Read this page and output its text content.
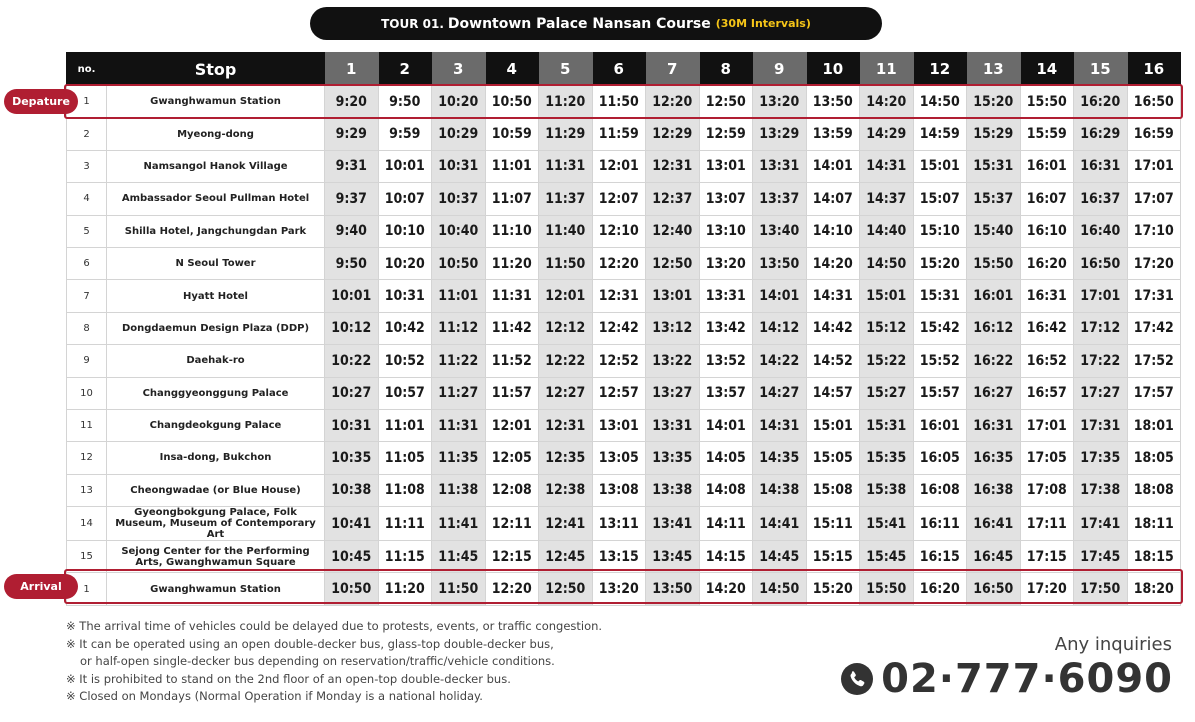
TOUR 01. Downtown Palace Nansan Course (30M Intervals)
no.	Stop	1	2	3	4	5	6	7	8	9	10	11	12	13	14	15	16
1	Gwanghwamun Station	9:20	9:50	10:20	10:50	11:20	11:50	12:20	12:50	13:20	13:50	14:20	14:50	15:20	15:50	16:20	16:50
2	Myeong-dong	9:29	9:59	10:29	10:59	11:29	11:59	12:29	12:59	13:29	13:59	14:29	14:59	15:29	15:59	16:29	16:59
3	Namsangol Hanok Village	9:31	10:01	10:31	11:01	11:31	12:01	12:31	13:01	13:31	14:01	14:31	15:01	15:31	16:01	16:31	17:01
4	Ambassador Seoul Pullman Hotel	9:37	10:07	10:37	11:07	11:37	12:07	12:37	13:07	13:37	14:07	14:37	15:07	15:37	16:07	16:37	17:07
5	Shilla Hotel, Jangchungdan Park	9:40	10:10	10:40	11:10	11:40	12:10	12:40	13:10	13:40	14:10	14:40	15:10	15:40	16:10	16:40	17:10
6	N Seoul Tower	9:50	10:20	10:50	11:20	11:50	12:20	12:50	13:20	13:50	14:20	14:50	15:20	15:50	16:20	16:50	17:20
7	Hyatt Hotel	10:01	10:31	11:01	11:31	12:01	12:31	13:01	13:31	14:01	14:31	15:01	15:31	16:01	16:31	17:01	17:31
8	Dongdaemun Design Plaza (DDP)	10:12	10:42	11:12	11:42	12:12	12:42	13:12	13:42	14:12	14:42	15:12	15:42	16:12	16:42	17:12	17:42
9	Daehak-ro	10:22	10:52	11:22	11:52	12:22	12:52	13:22	13:52	14:22	14:52	15:22	15:52	16:22	16:52	17:22	17:52
10	Changgyeonggung Palace	10:27	10:57	11:27	11:57	12:27	12:57	13:27	13:57	14:27	14:57	15:27	15:57	16:27	16:57	17:27	17:57
11	Changdeokgung Palace	10:31	11:01	11:31	12:01	12:31	13:01	13:31	14:01	14:31	15:01	15:31	16:01	16:31	17:01	17:31	18:01
12	Insa-dong, Bukchon	10:35	11:05	11:35	12:05	12:35	13:05	13:35	14:05	14:35	15:05	15:35	16:05	16:35	17:05	17:35	18:05
13	Cheongwadae (or Blue House)	10:38	11:08	11:38	12:08	12:38	13:08	13:38	14:08	14:38	15:08	15:38	16:08	16:38	17:08	17:38	18:08
14	Gyeongbokgung Palace, Folk Museum, Museum of Contemporary Art	10:41	11:11	11:41	12:11	12:41	13:11	13:41	14:11	14:41	15:11	15:41	16:11	16:41	17:11	17:41	18:11
15	Sejong Center for the Performing Arts, Gwanghwamun Square	10:45	11:15	11:45	12:15	12:45	13:15	13:45	14:15	14:45	15:15	15:45	16:15	16:45	17:15	17:45	18:15
1	Gwanghwamun Station	10:50	11:20	11:50	12:20	12:50	13:20	13:50	14:20	14:50	15:20	15:50	16:20	16:50	17:20	17:50	18:20
Depature
Arrival
※ The arrival time of vehicles could be delayed due to protests, events, or traffic congestion.
※ It can be operated using an open double-decker bus, glass-top double-decker bus,
or half-open single-decker bus depending on reservation/traffic/vehicle conditions.
※ It is prohibited to stand on the 2nd floor of an open-top double-decker bus.
※ Closed on Mondays (Normal Operation if Monday is a national holiday.
Any inquiries
02·777·6090
